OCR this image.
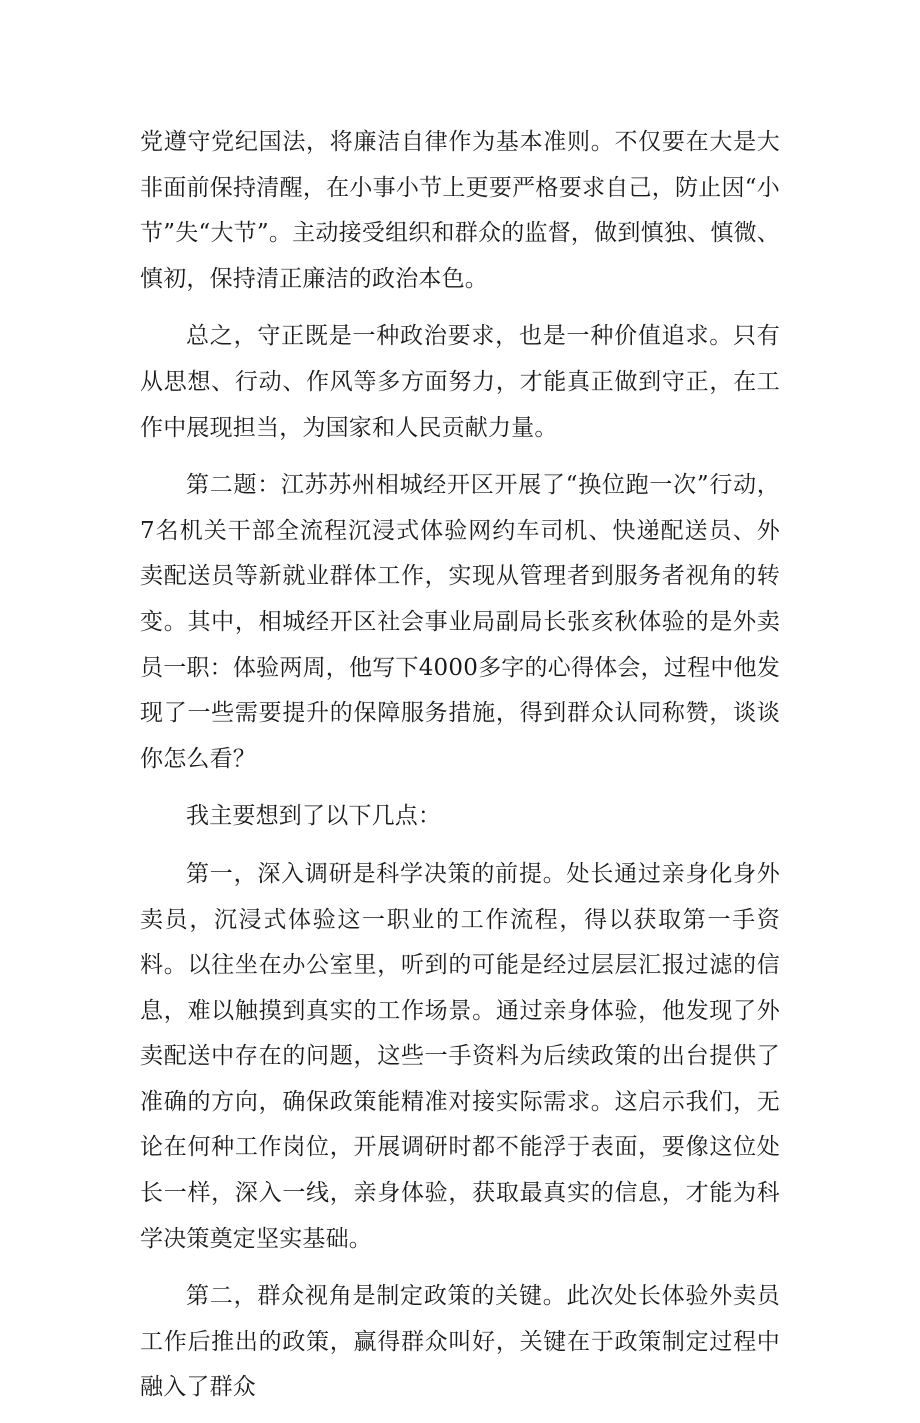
党遵守党纪国法，将廉洁自律作为基本准则。不仅要在大是大非面前保持清醒，在小事小节上更要严格要求自己，防止因“小节”失“大节”。主动接受组织和群众的监督，做到慎独、慎微、慎初，保持清正廉洁的政治本色。

总之，守正既是一种政治要求，也是一种价值追求。只有从思想、行动、作风等多方面努力，才能真正做到守正，在工作中展现担当，为国家和人民贡献力量。

第二题：江苏苏州相城经开区开展了“换位跑一次”行动，7名机关干部全流程沉浸式体验网约车司机、快递配送员、外卖配送员等新就业群体工作，实现从管理者到服务者视角的转变。其中，相城经开区社会事业局副局长张亥秋体验的是外卖员一职：体验两周，他写下4000多字的心得体会，过程中他发现了一些需要提升的保障服务措施，得到群众认同称赞，谈谈你怎么看？

我主要想到了以下几点：

第一，深入调研是科学决策的前提。处长通过亲身化身外卖员，沉浸式体验这一职业的工作流程，得以获取第一手资料。以往坐在办公室里，听到的可能是经过层层汇报过滤的信息，难以触摸到真实的工作场景。通过亲身体验，他发现了外卖配送中存在的问题，这些一手资料为后续政策的出台提供了准确的方向，确保政策能精准对接实际需求。这启示我们，无论在何种工作岗位，开展调研时都不能浮于表面，要像这位处长一样，深入一线，亲身体验，获取最真实的信息，才能为科学决策奠定坚实基础。

第二，群众视角是制定政策的关键。此次处长体验外卖员工作后推出的政策，赢得群众叫好，关键在于政策制定过程中融入了群众
